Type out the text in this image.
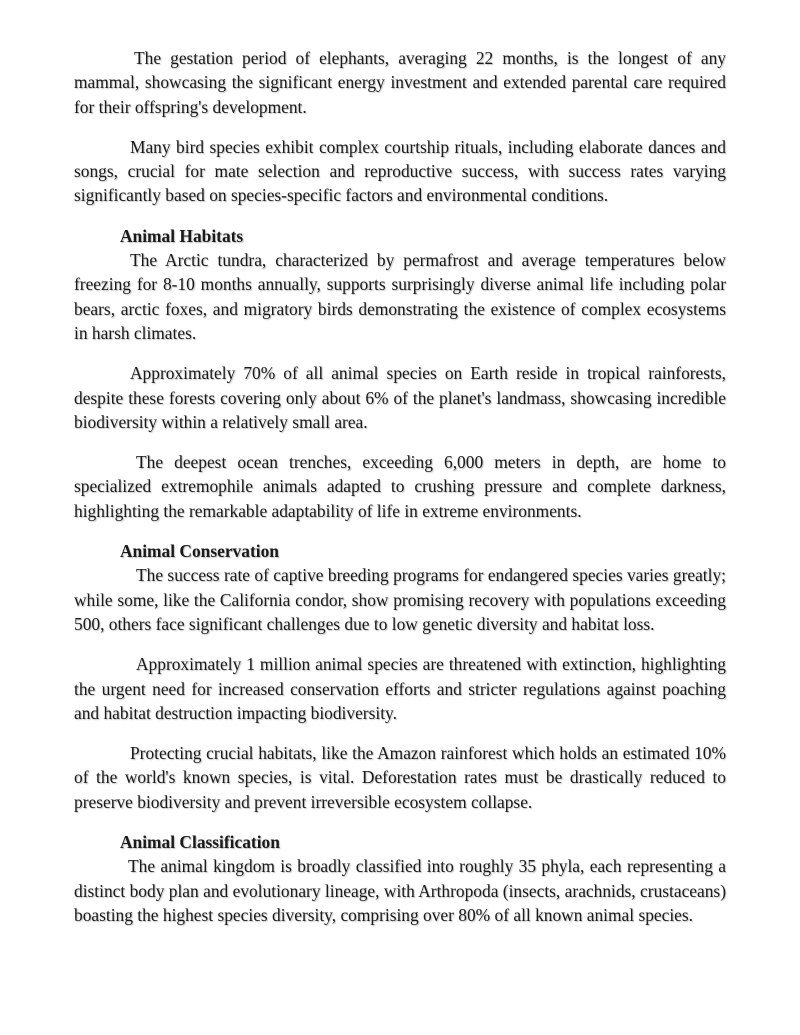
The gestation period of elephants, averaging 22 months, is the longest of any mammal, showcasing the significant energy investment and extended parental care required for their offspring's development.

Many bird species exhibit complex courtship rituals, including elaborate dances and songs, crucial for mate selection and reproductive success, with success rates varying significantly based on species-specific factors and environmental conditions.

Animal Habitats

The Arctic tundra, characterized by permafrost and average temperatures below freezing for 8-10 months annually, supports surprisingly diverse animal life including polar bears, arctic foxes, and migratory birds demonstrating the existence of complex ecosystems in harsh climates.

Approximately 70% of all animal species on Earth reside in tropical rainforests, despite these forests covering only about 6% of the planet's landmass, showcasing incredible biodiversity within a relatively small area.

The deepest ocean trenches, exceeding 6,000 meters in depth, are home to specialized extremophile animals adapted to crushing pressure and complete darkness, highlighting the remarkable adaptability of life in extreme environments.

Animal Conservation

The success rate of captive breeding programs for endangered species varies greatly; while some, like the California condor, show promising recovery with populations exceeding 500, others face significant challenges due to low genetic diversity and habitat loss.

Approximately 1 million animal species are threatened with extinction, highlighting the urgent need for increased conservation efforts and stricter regulations against poaching and habitat destruction impacting biodiversity.

Protecting crucial habitats, like the Amazon rainforest which holds an estimated 10% of the world's known species, is vital. Deforestation rates must be drastically reduced to preserve biodiversity and prevent irreversible ecosystem collapse.

Animal Classification

The animal kingdom is broadly classified into roughly 35 phyla, each representing a distinct body plan and evolutionary lineage, with Arthropoda (insects, arachnids, crustaceans) boasting the highest species diversity, comprising over 80% of all known animal species.
